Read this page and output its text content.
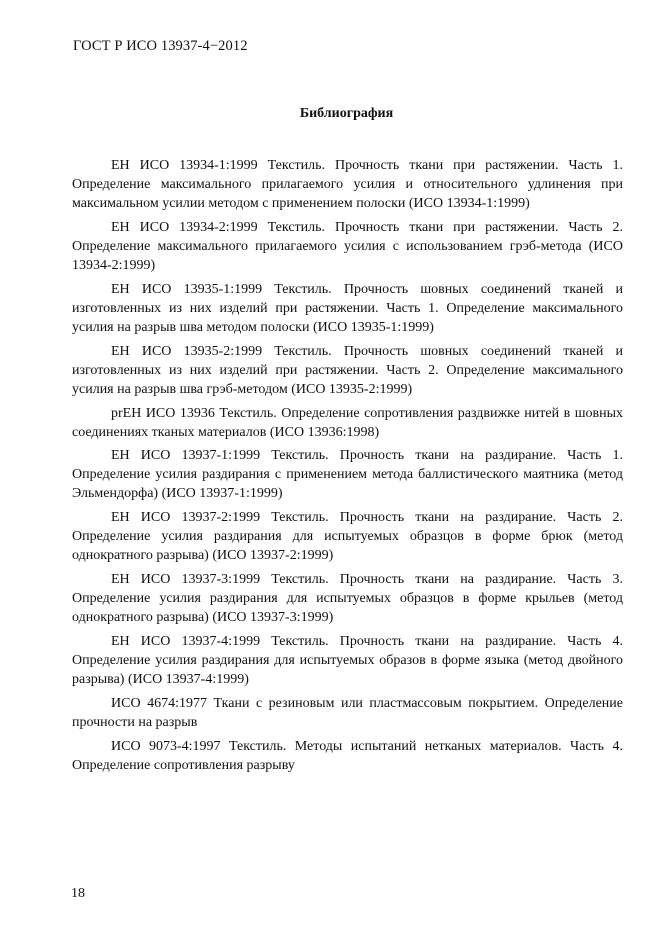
ГОСТ Р ИСО 13937-4−2012
Библиография
ЕН ИСО 13934-1:1999 Текстиль. Прочность ткани при растяжении. Часть 1. Определение максимального прилагаемого усилия и относительного удлинения при максимальном усилии методом с применением полоски (ИСО 13934-1:1999)
ЕН ИСО 13934-2:1999 Текстиль. Прочность ткани при растяжении. Часть 2. Определение максимального прилагаемого усилия с использованием грэб-метода (ИСО 13934-2:1999)
ЕН ИСО 13935-1:1999 Текстиль. Прочность шовных соединений тканей и изготовленных из них изделий при растяжении. Часть 1. Определение максимального усилия на разрыв шва методом полоски (ИСО 13935-1:1999)
ЕН ИСО 13935-2:1999 Текстиль. Прочность шовных соединений тканей и изготовленных из них изделий при растяжении. Часть 2. Определение максимального усилия на разрыв шва грэб-методом (ИСО 13935-2:1999)
prЕН ИСО 13936 Текстиль. Определение сопротивления раздвижке нитей в шовных соединениях тканых материалов (ИСО 13936:1998)
ЕН ИСО 13937-1:1999 Текстиль. Прочность ткани на раздирание. Часть 1. Определение усилия раздирания с применением метода баллистического маятника (метод Эльмендорфа) (ИСО 13937-1:1999)
ЕН ИСО 13937-2:1999 Текстиль. Прочность ткани на раздирание. Часть 2. Определение усилия раздирания для испытуемых образцов в форме брюк (метод однократного разрыва) (ИСО 13937-2:1999)
ЕН ИСО 13937-3:1999 Текстиль. Прочность ткани на раздирание. Часть 3. Определение усилия раздирания для испытуемых образцов в форме крыльев (метод однократного разрыва) (ИСО 13937-3:1999)
ЕН ИСО 13937-4:1999 Текстиль. Прочность ткани на раздирание. Часть 4. Определение усилия раздирания для испытуемых образов в форме языка (метод двойного разрыва) (ИСО 13937-4:1999)
ИСО 4674:1977 Ткани с резиновым или пластмассовым покрытием. Определение прочности на разрыв
ИСО 9073-4:1997 Текстиль. Методы испытаний нетканых материалов. Часть 4. Определение сопротивления разрыву
18
